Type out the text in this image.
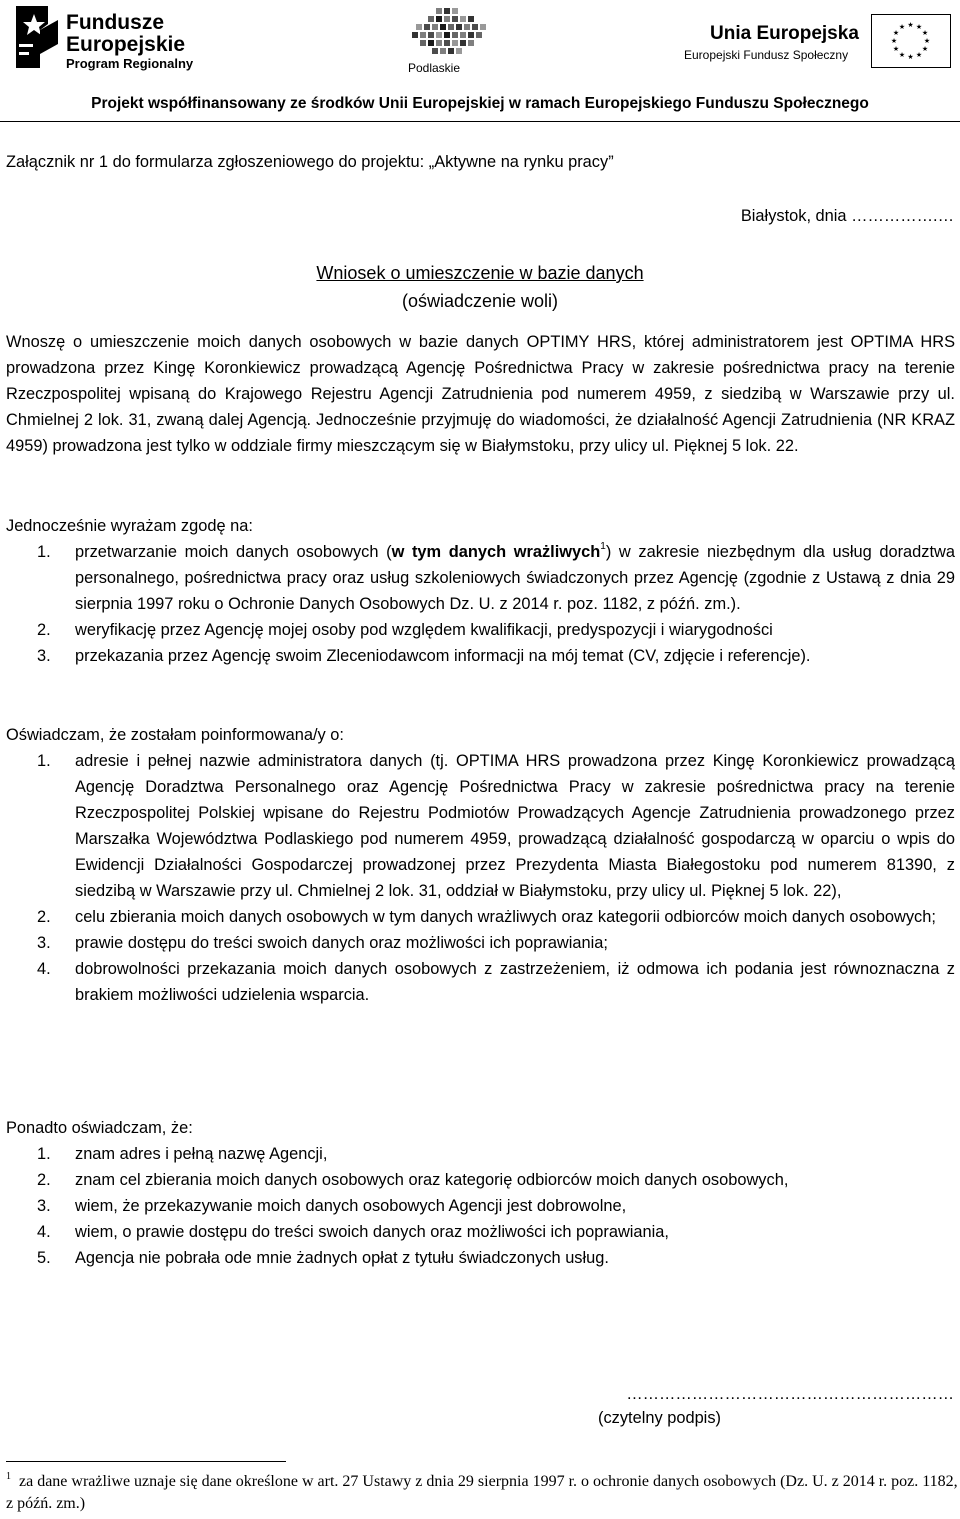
Fundusze
Europejskie
Program Regionalny	Podlaskie
Unia Europejska
Europejski Fundusz Społeczny
★ ★
★
★
★
★
★
★
★
★
★
★
Projekt współfinansowany ze środków Unii Europejskiej w ramach Europejskiego Funduszu Społecznego
Załącznik nr 1 do formularza zgłoszeniowego do projektu: „Aktywne na rynku pracy”
Białystok, dnia …………….…
Wniosek o umieszczenie w bazie danych
(oświadczenie woli)
Wnoszę o umieszczenie moich danych osobowych w bazie danych OPTIMY HRS, której administratorem jest OPTIMA HRS prowadzona przez Kingę Koronkiewicz prowadzącą Agencję Pośrednictwa Pracy w zakresie pośrednictwa pracy na terenie Rzeczpospolitej wpisaną do Krajowego Rejestru Agencji Zatrudnienia pod numerem 4959, z siedzibą w Warszawie przy ul. Chmielnej 2 lok. 31, zwaną dalej Agencją. Jednocześnie przyjmuję do wiadomości, że działalność Agencji Zatrudnienia (NR KRAZ 4959) prowadzona jest tylko w oddziale firmy mieszczącym się w Białymstoku, przy ulicy ul. Pięknej 5 lok. 22.
Jednocześnie wyrażam zgodę na:
1. przetwarzanie moich danych osobowych (w tym danych wrażliwych$^1$) w zakresie niezbędnym dla usług doradztwa personalnego, pośrednictwa pracy oraz usług szkoleniowych świadczonych przez Agencję (zgodnie z Ustawą z dnia 29 sierpnia 1997 roku o Ochronie Danych Osobowych Dz. U. z 2014 r. poz. 1182, z późń. zm.).
2. weryfikację przez Agencję mojej osoby pod względem kwalifikacji, predyspozycji i wiarygodności
3. przekazania przez Agencję swoim Zleceniodawcom informacji na mój temat (CV, zdjęcie i referencje).
Oświadczam, że zostałam poinformowana/y o:
1. adresie i pełnej nazwie administratora danych (tj. OPTIMA HRS prowadzona przez Kingę Koronkiewicz prowadzącą Agencję Doradztwa Personalnego oraz Agencję Pośrednictwa Pracy w zakresie pośrednictwa pracy na terenie Rzeczpospolitej Polskiej wpisane do Rejestru Podmiotów Prowadzących Agencje Zatrudnienia prowadzonego przez Marszałka Województwa Podlaskiego pod numerem 4959, prowadzącą działalność gospodarczą w oparciu o wpis do Ewidencji Działalności Gospodarczej prowadzonej przez Prezydenta Miasta Białegostoku pod numerem 81390, z siedzibą w Warszawie przy ul. Chmielnej 2 lok. 31, oddział w Białymstoku, przy ulicy ul. Pięknej 5 lok. 22),
2. celu zbierania moich danych osobowych w tym danych wrażliwych oraz kategorii odbiorców moich danych osobowych;
3. prawie dostępu do treści swoich danych oraz możliwości ich poprawiania;
4. dobrowolności przekazania moich danych osobowych z zastrzeżeniem, iż odmowa ich podania jest równoznaczna z brakiem możliwości udzielenia wsparcia.
Ponadto oświadczam, że:
1. znam adres i pełną nazwę Agencji,
2. znam cel zbierania moich danych osobowych oraz kategorię odbiorców moich danych osobowych,
3. wiem, że przekazywanie moich danych osobowych Agencji jest dobrowolne,
4. wiem, o prawie dostępu do treści swoich danych oraz możliwości ich poprawiania,
5. Agencja nie pobrała ode mnie żadnych opłat z tytułu świadczonych usług.
……………………………………………………
(czytelny podpis)
$^1$ za dane wrażliwe uznaje się dane określone w art. 27 Ustawy z dnia 29 sierpnia 1997 r. o ochronie danych osobowych (Dz. U. z 2014 r. poz. 1182, z późń. zm.)
